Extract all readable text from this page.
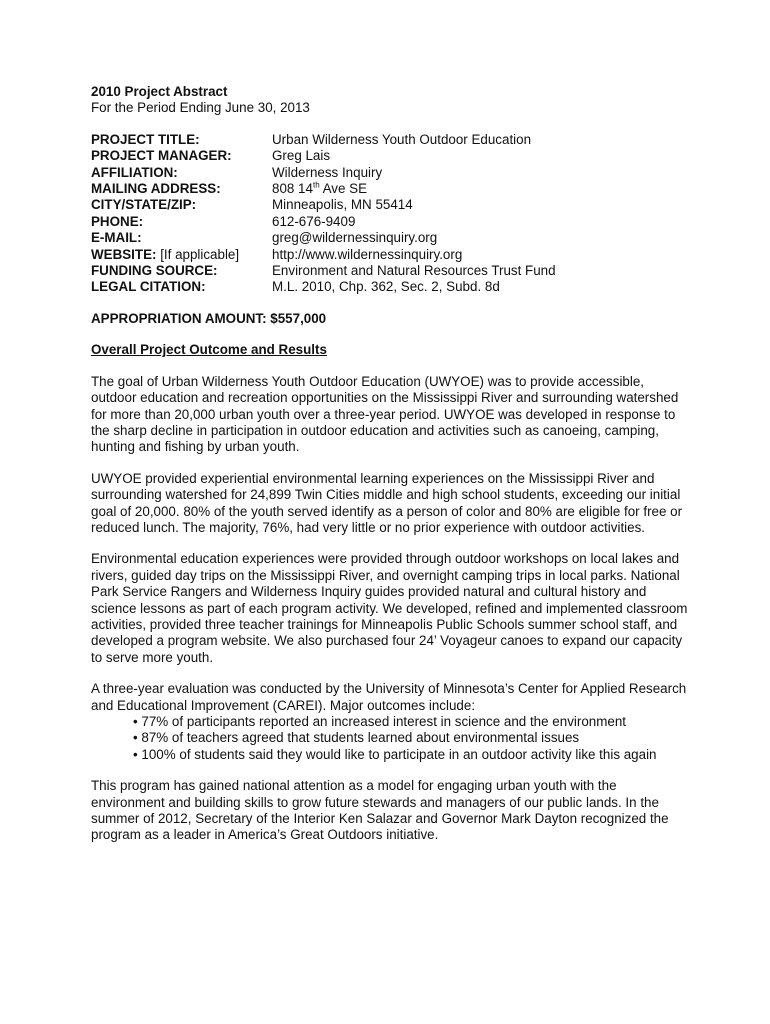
2010 Project Abstract
For the Period Ending June 30, 2013
PROJECT TITLE:	Urban Wilderness Youth Outdoor Education
PROJECT MANAGER:	Greg Lais
AFFILIATION:	Wilderness Inquiry
MAILING ADDRESS:	808 14th Ave SE
CITY/STATE/ZIP:	Minneapolis, MN 55414
PHONE:	612-676-9409
E-MAIL:	greg@wildernessinquiry.org
WEBSITE: [If applicable]	http://www.wildernessinquiry.org
FUNDING SOURCE:	Environment and Natural Resources Trust Fund
LEGAL CITATION:	M.L. 2010, Chp. 362, Sec. 2, Subd. 8d
APPROPRIATION AMOUNT: $557,000
Overall Project Outcome and Results
The goal of Urban Wilderness Youth Outdoor Education (UWYOE) was to provide accessible, outdoor education and recreation opportunities on the Mississippi River and surrounding watershed for more than 20,000 urban youth over a three-year period. UWYOE was developed in response to the sharp decline in participation in outdoor education and activities such as canoeing, camping, hunting and fishing by urban youth.
UWYOE provided experiential environmental learning experiences on the Mississippi River and surrounding watershed for 24,899 Twin Cities middle and high school students, exceeding our initial goal of 20,000. 80% of the youth served identify as a person of color and 80% are eligible for free or reduced lunch. The majority, 76%, had very little or no prior experience with outdoor activities.
Environmental education experiences were provided through outdoor workshops on local lakes and rivers, guided day trips on the Mississippi River, and overnight camping trips in local parks. National Park Service Rangers and Wilderness Inquiry guides provided natural and cultural history and science lessons as part of each program activity. We developed, refined and implemented classroom activities, provided three teacher trainings for Minneapolis Public Schools summer school staff, and developed a program website. We also purchased four 24’ Voyageur canoes to expand our capacity to serve more youth.
A three-year evaluation was conducted by the University of Minnesota’s Center for Applied Research and Educational Improvement (CAREI). Major outcomes include:
• 77% of participants reported an increased interest in science and the environment
• 87% of teachers agreed that students learned about environmental issues
• 100% of students said they would like to participate in an outdoor activity like this again
This program has gained national attention as a model for engaging urban youth with the environment and building skills to grow future stewards and managers of our public lands. In the summer of 2012, Secretary of the Interior Ken Salazar and Governor Mark Dayton recognized the program as a leader in America’s Great Outdoors initiative.
